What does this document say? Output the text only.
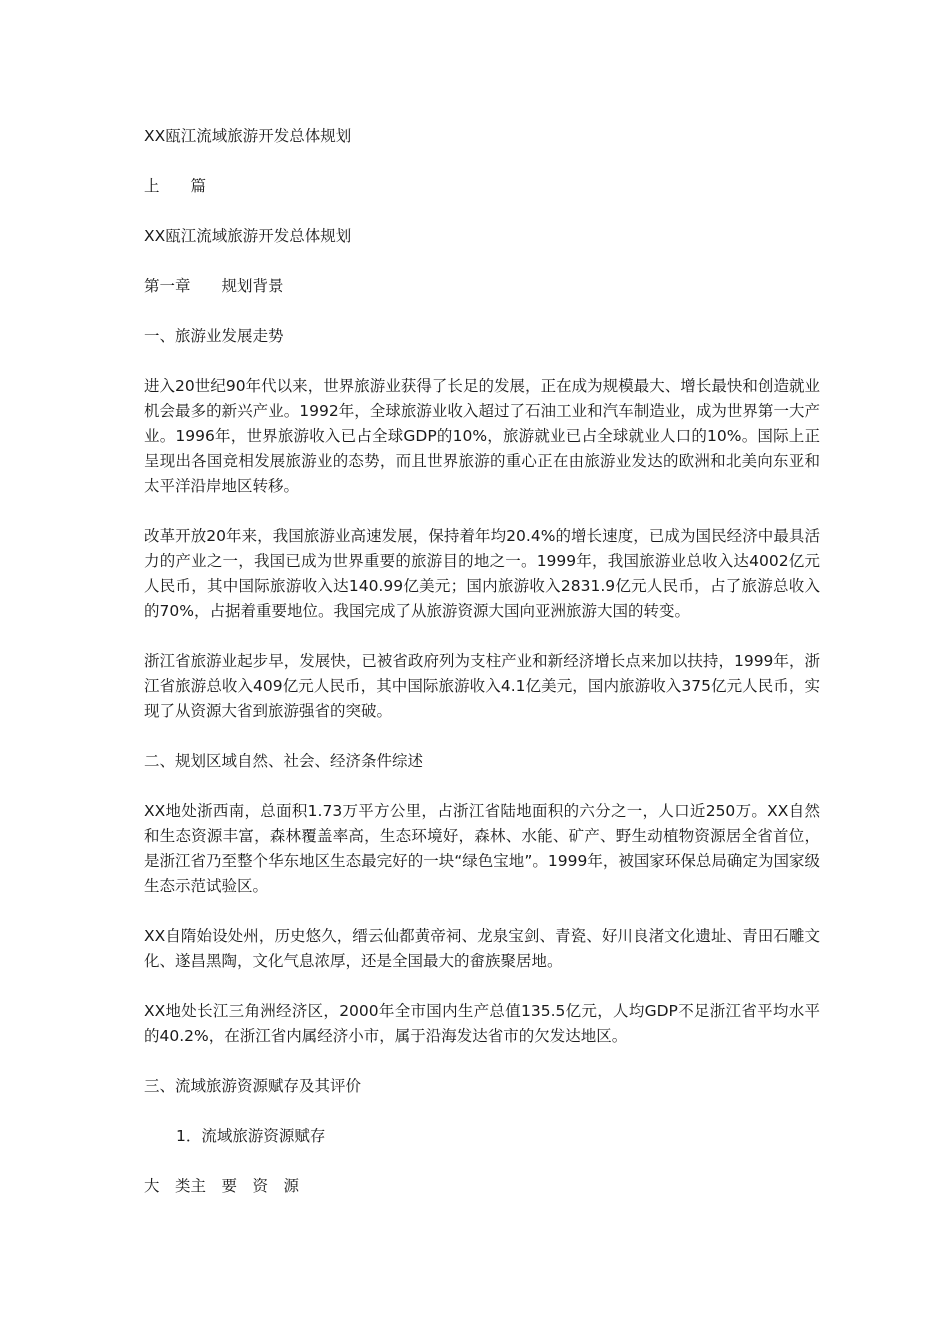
XX瓯江流域旅游开发总体规划

上　　篇

XX瓯江流域旅游开发总体规划

第一章　　规划背景

一、旅游业发展走势

进入20世纪90年代以来，世界旅游业获得了长足的发展，正在成为规模最大、增长最快和创造就业机会最多的新兴产业。1992年，全球旅游业收入超过了石油工业和汽车制造业，成为世界第一大产业。1996年，世界旅游收入已占全球GDP的10%，旅游就业已占全球就业人口的10%。国际上正呈现出各国竞相发展旅游业的态势，而且世界旅游的重心正在由旅游业发达的欧洲和北美向东亚和太平洋沿岸地区转移。

改革开放20年来，我国旅游业高速发展，保持着年均20.4%的增长速度，已成为国民经济中最具活力的产业之一，我国已成为世界重要的旅游目的地之一。1999年，我国旅游业总收入达4002亿元人民币，其中国际旅游收入达140.99亿美元；国内旅游收入2831.9亿元人民币，占了旅游总收入的70%，占据着重要地位。我国完成了从旅游资源大国向亚洲旅游大国的转变。

浙江省旅游业起步早，发展快，已被省政府列为支柱产业和新经济增长点来加以扶持，1999年，浙江省旅游总收入409亿元人民币，其中国际旅游收入4.1亿美元，国内旅游收入375亿元人民币，实现了从资源大省到旅游强省的突破。

二、规划区域自然、社会、经济条件综述

XX地处浙西南，总面积1.73万平方公里，占浙江省陆地面积的六分之一，人口近250万。XX自然和生态资源丰富，森林覆盖率高，生态环境好，森林、水能、矿产、野生动植物资源居全省首位，是浙江省乃至整个华东地区生态最完好的一块“绿色宝地”。1999年，被国家环保总局确定为国家级生态示范试验区。

XX自隋始设处州，历史悠久，缙云仙都黄帝祠、龙泉宝剑、青瓷、好川良渚文化遗址、青田石雕文化、遂昌黑陶，文化气息浓厚，还是全国最大的畲族聚居地。

XX地处长江三角洲经济区，2000年全市国内生产总值135.5亿元，人均GDP不足浙江省平均水平的40.2%，在浙江省内属经济小市，属于沿海发达省市的欠发达地区。

三、流域旅游资源赋存及其评价

1．流域旅游资源赋存

大　类主　要　资　源
